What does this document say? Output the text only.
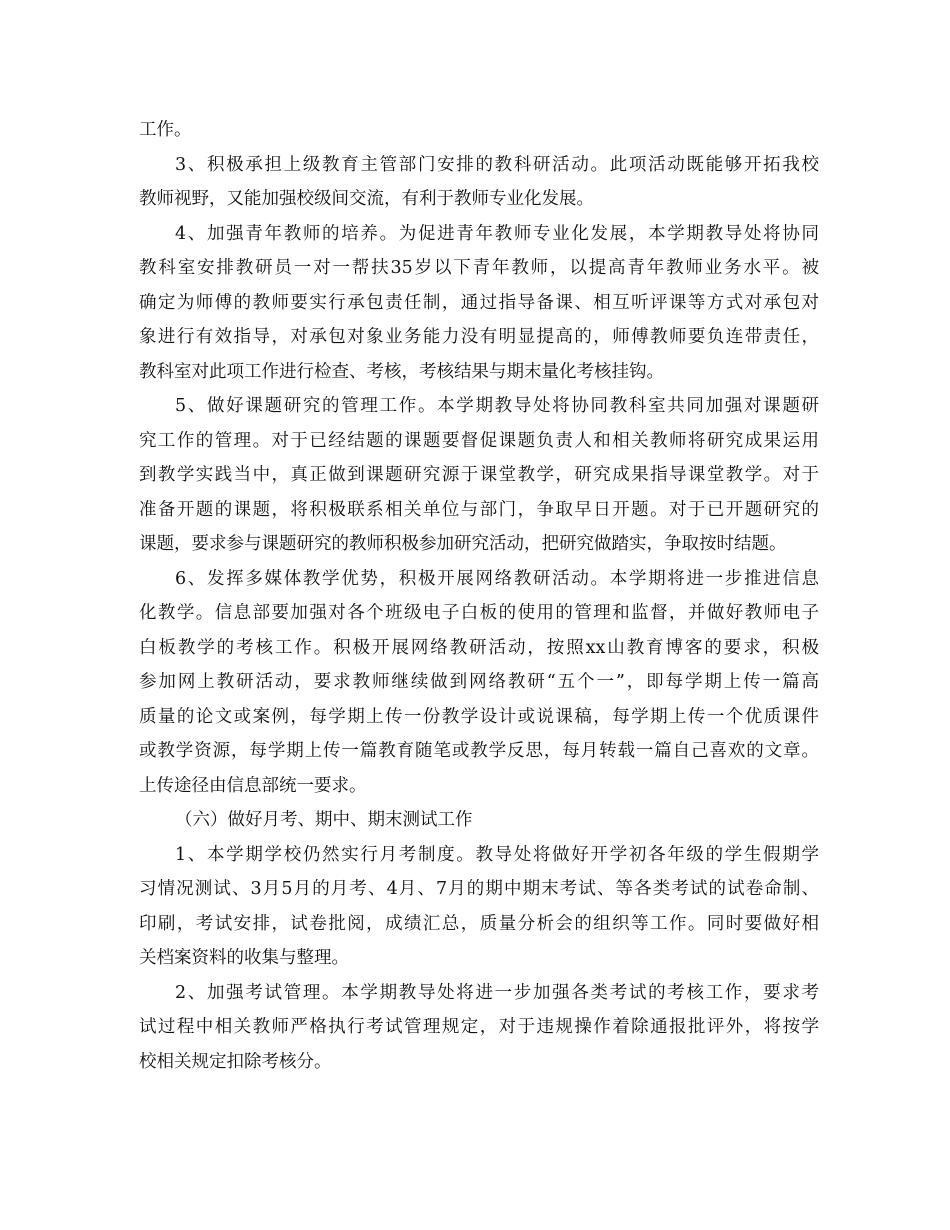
工作。
3、积极承担上级教育主管部门安排的教科研活动。此项活动既能够开拓我校
教师视野，又能加强校级间交流，有利于教师专业化发展。
4、加强青年教师的培养。为促进青年教师专业化发展，本学期教导处将协同
教科室安排教研员一对一帮扶35岁以下青年教师，以提高青年教师业务水平。被
确定为师傅的教师要实行承包责任制，通过指导备课、相互听评课等方式对承包对
象进行有效指导，对承包对象业务能力没有明显提高的，师傅教师要负连带责任，
教科室对此项工作进行检查、考核，考核结果与期末量化考核挂钩。
5、做好课题研究的管理工作。本学期教导处将协同教科室共同加强对课题研
究工作的管理。对于已经结题的课题要督促课题负责人和相关教师将研究成果运用
到教学实践当中，真正做到课题研究源于课堂教学，研究成果指导课堂教学。对于
准备开题的课题，将积极联系相关单位与部门，争取早日开题。对于已开题研究的
课题，要求参与课题研究的教师积极参加研究活动，把研究做踏实，争取按时结题。
6、发挥多媒体教学优势，积极开展网络教研活动。本学期将进一步推进信息
化教学。信息部要加强对各个班级电子白板的使用的管理和监督，并做好教师电子
白板教学的考核工作。积极开展网络教研活动，按照xx山教育博客的要求，积极
参加网上教研活动，要求教师继续做到网络教研“五个一”，即每学期上传一篇高
质量的论文或案例，每学期上传一份教学设计或说课稿，每学期上传一个优质课件
或教学资源，每学期上传一篇教育随笔或教学反思，每月转载一篇自己喜欢的文章。
上传途径由信息部统一要求。
（六）做好月考、期中、期末测试工作
1、本学期学校仍然实行月考制度。教导处将做好开学初各年级的学生假期学
习情况测试、3月5月的月考、4月、7月的期中期末考试、等各类考试的试卷命制、
印刷，考试安排，试卷批阅，成绩汇总，质量分析会的组织等工作。同时要做好相
关档案资料的收集与整理。
2、加强考试管理。本学期教导处将进一步加强各类考试的考核工作，要求考
试过程中相关教师严格执行考试管理规定，对于违规操作着除通报批评外，将按学
校相关规定扣除考核分。
